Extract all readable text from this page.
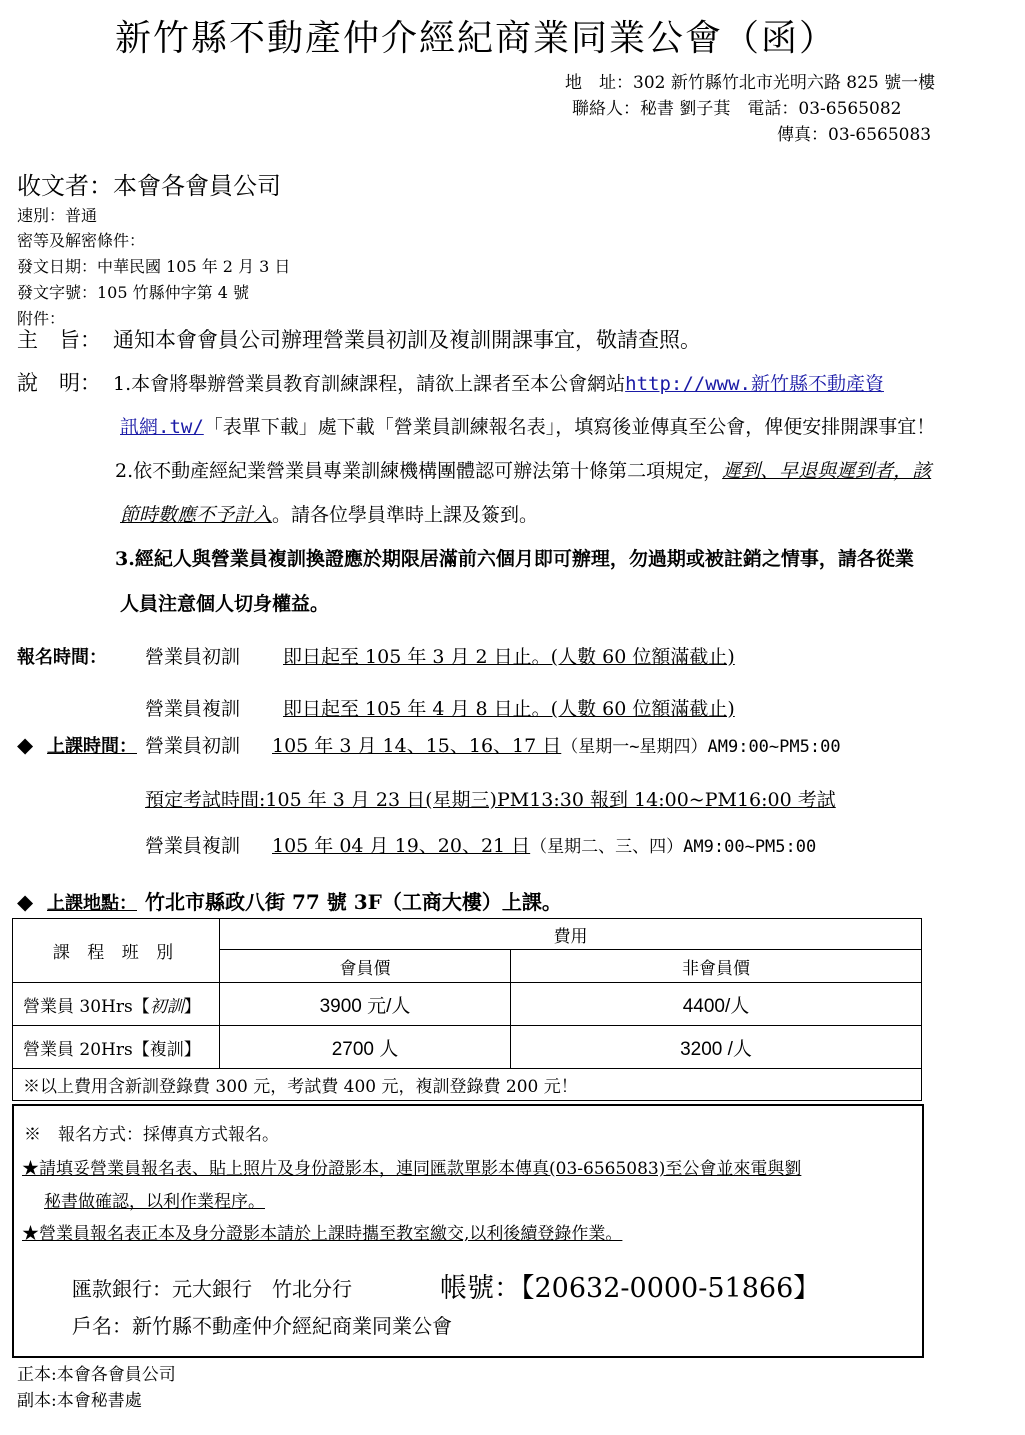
新竹縣不動產仲介經紀商業同業公會（函）
地　址：302 新竹縣竹北市光明六路 825 號一樓
聯絡人：秘書 劉子萁　電話：03-6565082
傳真：03-6565083
收文者：本會各會員公司
速別：普通
密等及解密條件：
發文日期：中華民國 105 年 2 月 3 日
發文字號：105 竹縣仲字第 4 號
附件：
主　旨： 通知本會會員公司辦理營業員初訓及複訓開課事宜，敬請查照。
說　明： 1.本會將舉辦營業員教育訓練課程，請欲上課者至本公會網站http://www.新竹縣不動產資
訊網.tw/「表單下載」處下載「營業員訓練報名表」，填寫後並傳真至公會，俾便安排開課事宜！
2.依不動產經紀業營業員專業訓練機構團體認可辦法第十條第二項規定，遲到、早退與遲到者，該
節時數應不予計入。請各位學員準時上課及簽到。
3.經紀人與營業員複訓換證應於期限居滿前六個月即可辦理，勿過期或被註銷之情事，請各從業
人員注意個人切身權益。
報名時間： 營業員初訓 即日起至 105 年 3 月 2 日止。(人數 60 位額滿截止)
營業員複訓 即日起至 105 年 4 月 8 日止。(人數 60 位額滿截止)
◆ 上課時間： 營業員初訓 105 年 3 月 14、15、16、17 日（星期一~星期四）AM9:00~PM5:00
預定考試時間:105 年 3 月 23 日(星期三)PM13:30 報到 14:00~PM16:00 考試
營業員複訓 105 年 04 月 19、20、21 日（星期二、三、四）AM9:00~PM5:00
◆ 上課地點： 竹北市縣政八街 77 號 3F（工商大樓）上課。
課 程 班 別	費用	
	會員價	非會員價
營業員 30Hrs【初訓】	3900 元/人	4400/人
營業員 20Hrs【複訓】	2700 人	3200 /人
※以上費用含新訓登錄費 300 元，考試費 400 元，複訓登錄費 200 元！		
※　報名方式：採傳真方式報名。
★請填妥營業員報名表、貼上照片及身份證影本，連同匯款單影本傳真(03-6565083)至公會並來電與劉
秘書做確認，以利作業程序。
★營業員報名表正本及身分證影本請於上課時攜至教室繳交,以利後續登錄作業。
匯款銀行：元大銀行　竹北分行	帳號：【20632-0000-51866】
戶名：新竹縣不動產仲介經紀商業同業公會
正本:本會各會員公司
副本:本會秘書處
